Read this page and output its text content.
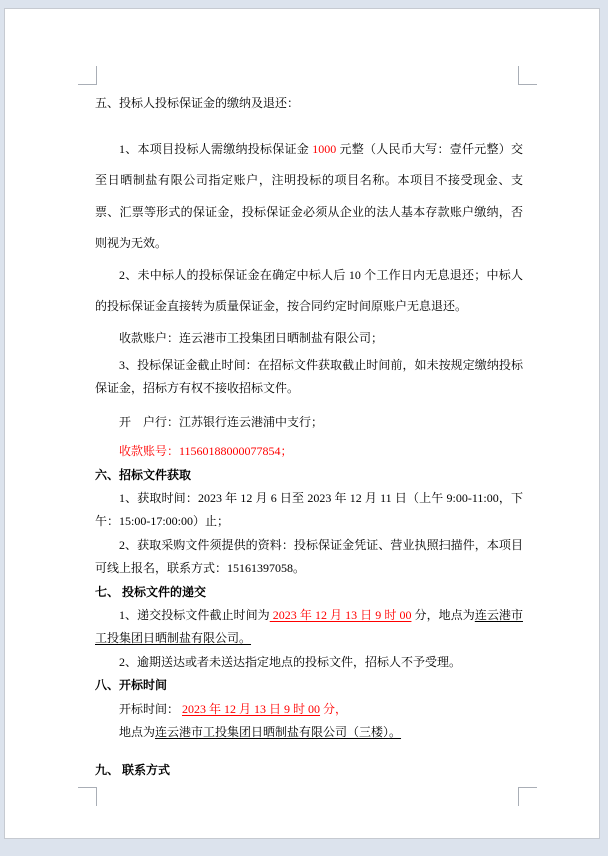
五、投标人投标保证金的缴纳及退还：

1、本项目投标人需缴纳投标保证金 1000 元整（人民币大写：壹仟元整）交至日晒制盐有限公司指定账户，注明投标的项目名称。本项目不接受现金、支票、汇票等形式的保证金，投标保证金必须从企业的法人基本存款账户缴纳，否则视为无效。

2、未中标人的投标保证金在确定中标人后 10 个工作日内无息退还；中标人的投标保证金直接转为质量保证金，按合同约定时间原账户无息退还。

收款账户：连云港市工投集团日晒制盐有限公司；

3、投标保证金截止时间：在招标文件获取截止时间前，如未按规定缴纳投标保证金，招标方有权不接收招标文件。

开　户行：江苏银行连云港浦中支行；

收款账号：11560188000077854；

六、招标文件获取

1、获取时间：2023 年 12 月 6 日至 2023 年 12 月 11 日（上午 9:00-11:00，下午：15:00-17:00:00）止；

2、获取采购文件须提供的资料：投标保证金凭证、营业执照扫描件，本项目可线上报名，联系方式：15161397058。

七、 投标文件的递交

1、递交投标文件截止时间为 2023 年 12 月 13 日 9 时 00 分，地点为连云港市工投集团日晒制盐有限公司。

2、逾期送达或者未送达指定地点的投标文件，招标人不予受理。

八、开标时间

开标时间： 2023 年 12 月 13 日 9 时 00 分，

地点为连云港市工投集团日晒制盐有限公司（三楼）。

九、 联系方式
